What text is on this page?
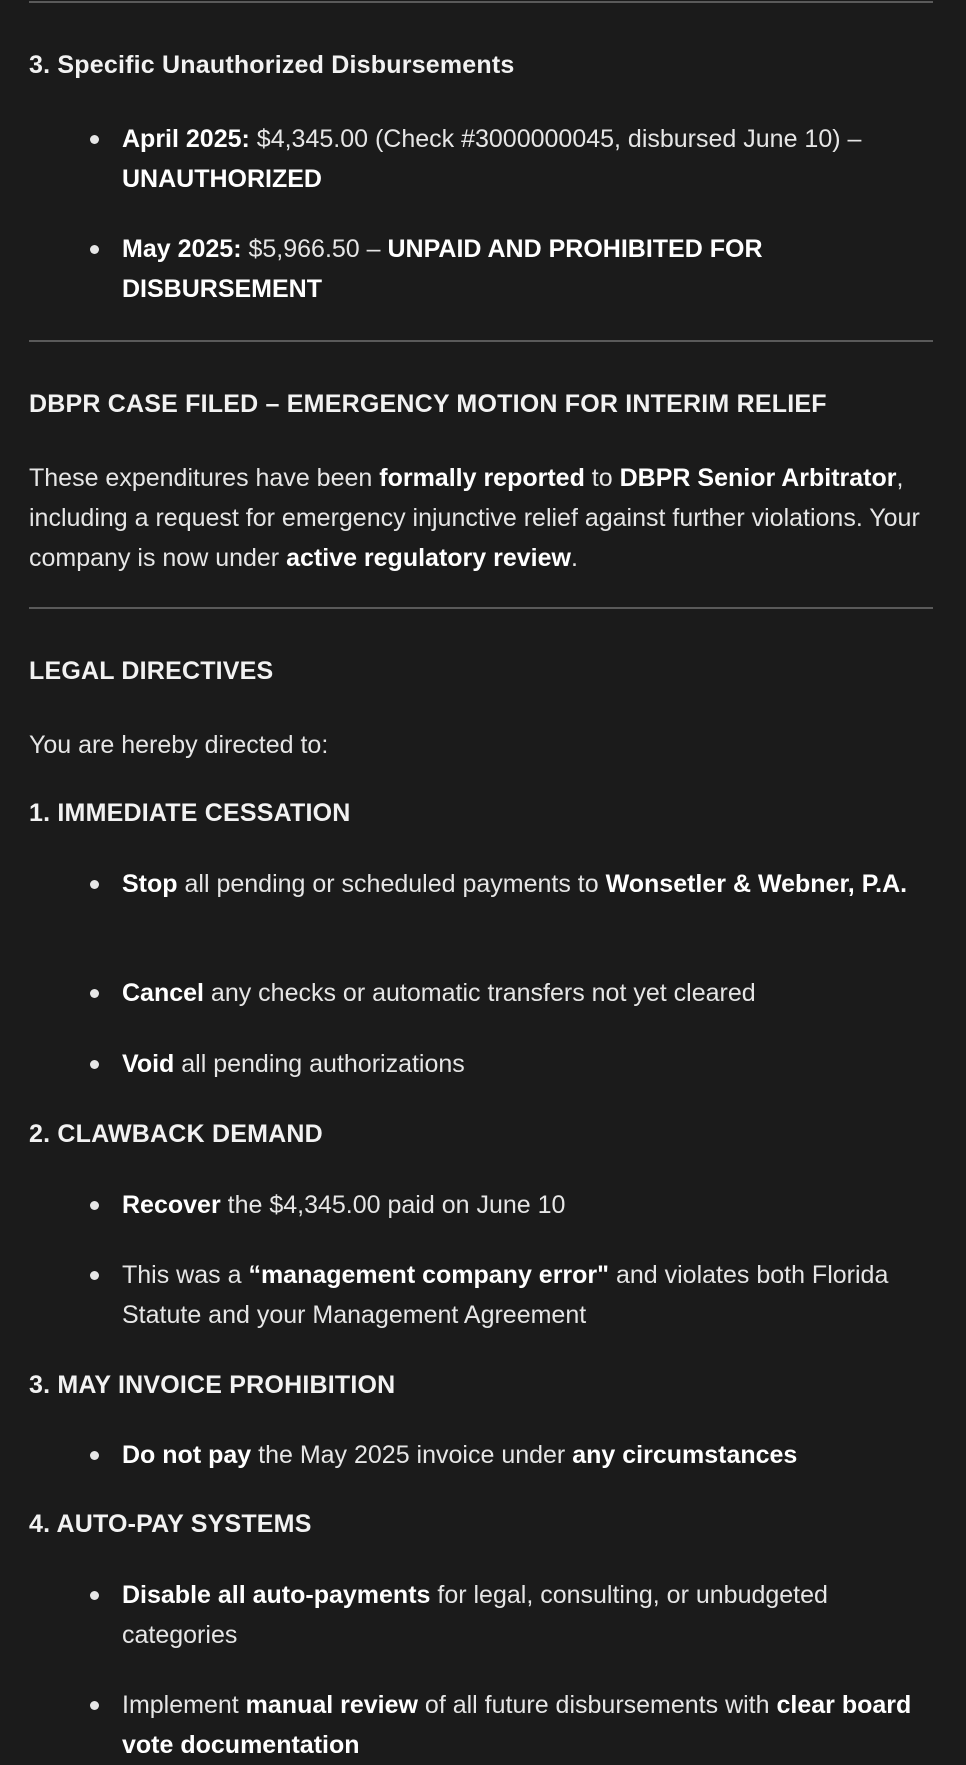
3. Specific Unauthorized Disbursements
April 2025: $4,345.00 (Check #3000000045, disbursed June 10) – UNAUTHORIZED
May 2025: $5,966.50 – UNPAID AND PROHIBITED FOR DISBURSEMENT
DBPR CASE FILED – EMERGENCY MOTION FOR INTERIM RELIEF
These expenditures have been formally reported to DBPR Senior Arbitrator, including a request for emergency injunctive relief against further violations. Your company is now under active regulatory review.
LEGAL DIRECTIVES
You are hereby directed to:
1. IMMEDIATE CESSATION
Stop all pending or scheduled payments to Wonsetler & Webner, P.A.
Cancel any checks or automatic transfers not yet cleared
Void all pending authorizations
2. CLAWBACK DEMAND
Recover the $4,345.00 paid on June 10
This was a “management company error" and violates both Florida Statute and your Management Agreement
3. MAY INVOICE PROHIBITION
Do not pay the May 2025 invoice under any circumstances
4. AUTO-PAY SYSTEMS
Disable all auto-payments for legal, consulting, or unbudgeted categories
Implement manual review of all future disbursements with clear board vote documentation
